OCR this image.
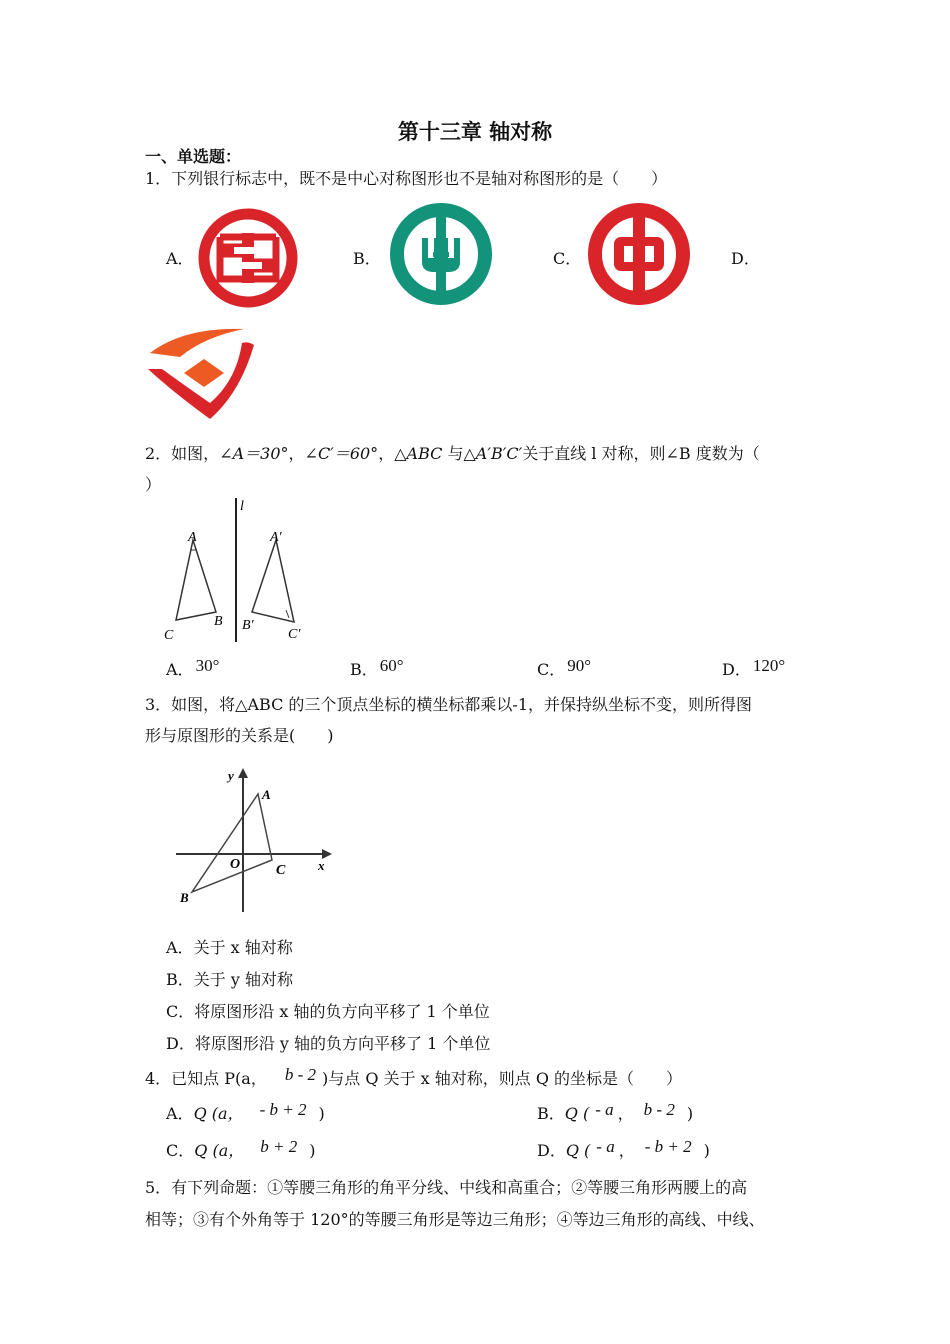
第十三章 轴对称
一、单选题：
1．下列银行标志中，既不是中心对称图形也不是轴对称图形的是（　　）
A．	B．	C．	D．
2．如图，∠A＝30°，∠C′＝60°，△ABC 与△A′B′C′关于直线 l 对称，则∠B 度数为（
）
l
A
B
C
A′
B′
C′
A． 30°	B． 60°	C． 90°	D． 120°
3．如图，将△ABC 的三个顶点坐标的横坐标都乘以-1，并保持纵坐标不变，则所得图
形与原图形的关系是(　　)
y
x
O
A
B
C
A．关于 x 轴对称
B．关于 y 轴对称
C．将原图形沿 x 轴的负方向平移了 1 个单位
D．将原图形沿 y 轴的负方向平移了 1 个单位
4．已知点 P(a， b - 2 )与点 Q 关于 x 轴对称，则点 Q 的坐标是（　　）
A．Q (a， - b + 2 )	B．Q ( - a ， b - 2 )
C．Q (a， b + 2 )	D．Q ( - a ， - b + 2 )
5．有下列命题：①等腰三角形的角平分线、中线和高重合；②等腰三角形两腰上的高
相等；③有个外角等于 120°的等腰三角形是等边三角形；④等边三角形的高线、中线、
